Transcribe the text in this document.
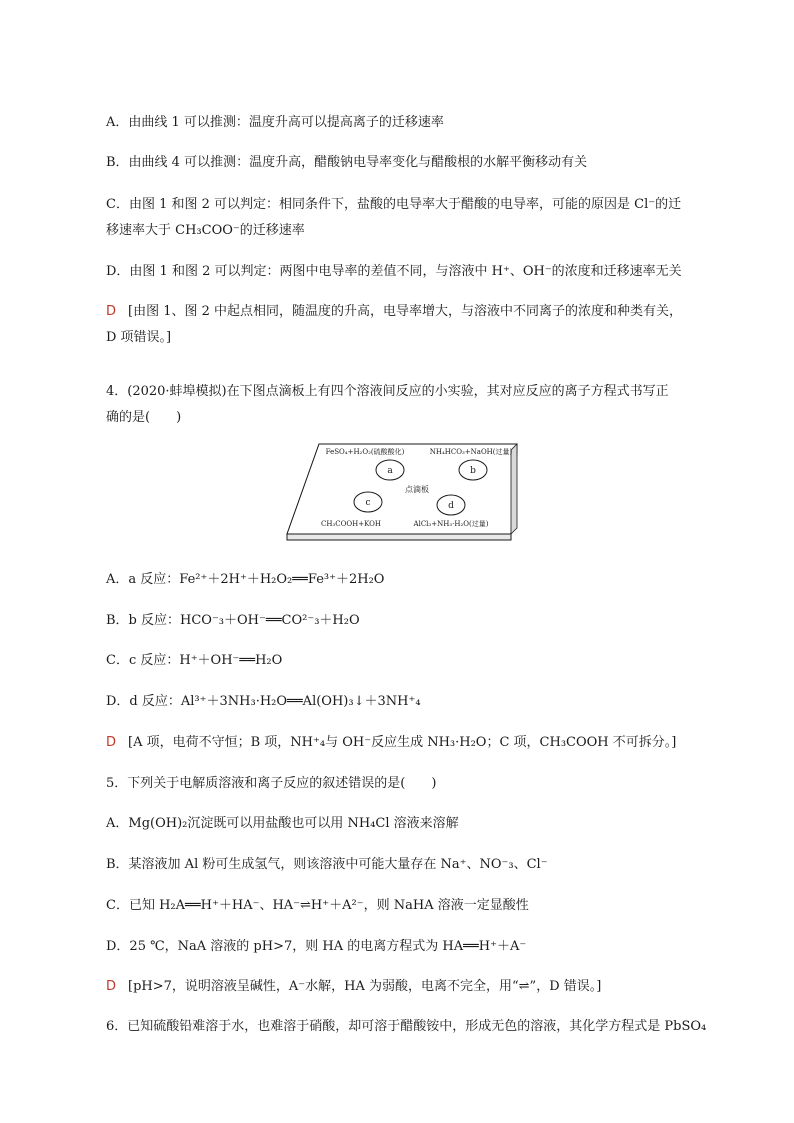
A．由曲线 1 可以推测：温度升高可以提高离子的迁移速率
B．由曲线 4 可以推测：温度升高，醋酸钠电导率变化与醋酸根的水解平衡移动有关
C．由图 1 和图 2 可以判定：相同条件下，盐酸的电导率大于醋酸的电导率，可能的原因是 Cl⁻的迁
移速率大于 CH₃COO⁻的迁移速率
D．由图 1 和图 2 可以判定：两图中电导率的差值不同，与溶液中 H⁺、OH⁻的浓度和迁移速率无关
D [由图 1、图 2 中起点相同，随温度的升高，电导率增大，与溶液中不同离子的浓度和种类有关，
D 项错误。]
4．(2020·蚌埠模拟)在下图点滴板上有四个溶液间反应的小实验，其对应反应的离子方程式书写正
确的是(　　)
a	b
c	d
点滴板
FeSO₄+H₂O₂(硫酸酸化)	NH₄HCO₃+NaOH(过量)
CH₃COOH+KOH	AlCl₃+NH₃·H₂O(过量)
A．a 反应：Fe²⁺＋2H⁺＋H₂O₂══Fe³⁺＋2H₂O
B．b 反应：HCO⁻₃＋OH⁻══CO²⁻₃＋H₂O
C．c 反应：H⁺＋OH⁻══H₂O
D．d 反应：Al³⁺＋3NH₃·H₂O══Al(OH)₃↓＋3NH⁺₄
D [A 项，电荷不守恒；B 项，NH⁺₄与 OH⁻反应生成 NH₃·H₂O；C 项，CH₃COOH 不可拆分。]
5．下列关于电解质溶液和离子反应的叙述错误的是(　　)
A．Mg(OH)₂沉淀既可以用盐酸也可以用 NH₄Cl 溶液来溶解
B．某溶液加 Al 粉可生成氢气，则该溶液中可能大量存在 Na⁺、NO⁻₃、Cl⁻
C．已知 H₂A══H⁺＋HA⁻、HA⁻⇌H⁺＋A²⁻，则 NaHA 溶液一定显酸性
D．25 ℃，NaA 溶液的 pH>7，则 HA 的电离方程式为 HA══H⁺＋A⁻
D [pH>7，说明溶液呈碱性，A⁻水解，HA 为弱酸，电离不完全，用“⇌”，D 错误。]
6．已知硫酸铅难溶于水，也难溶于硝酸，却可溶于醋酸铵中，形成无色的溶液，其化学方程式是 PbSO₄
